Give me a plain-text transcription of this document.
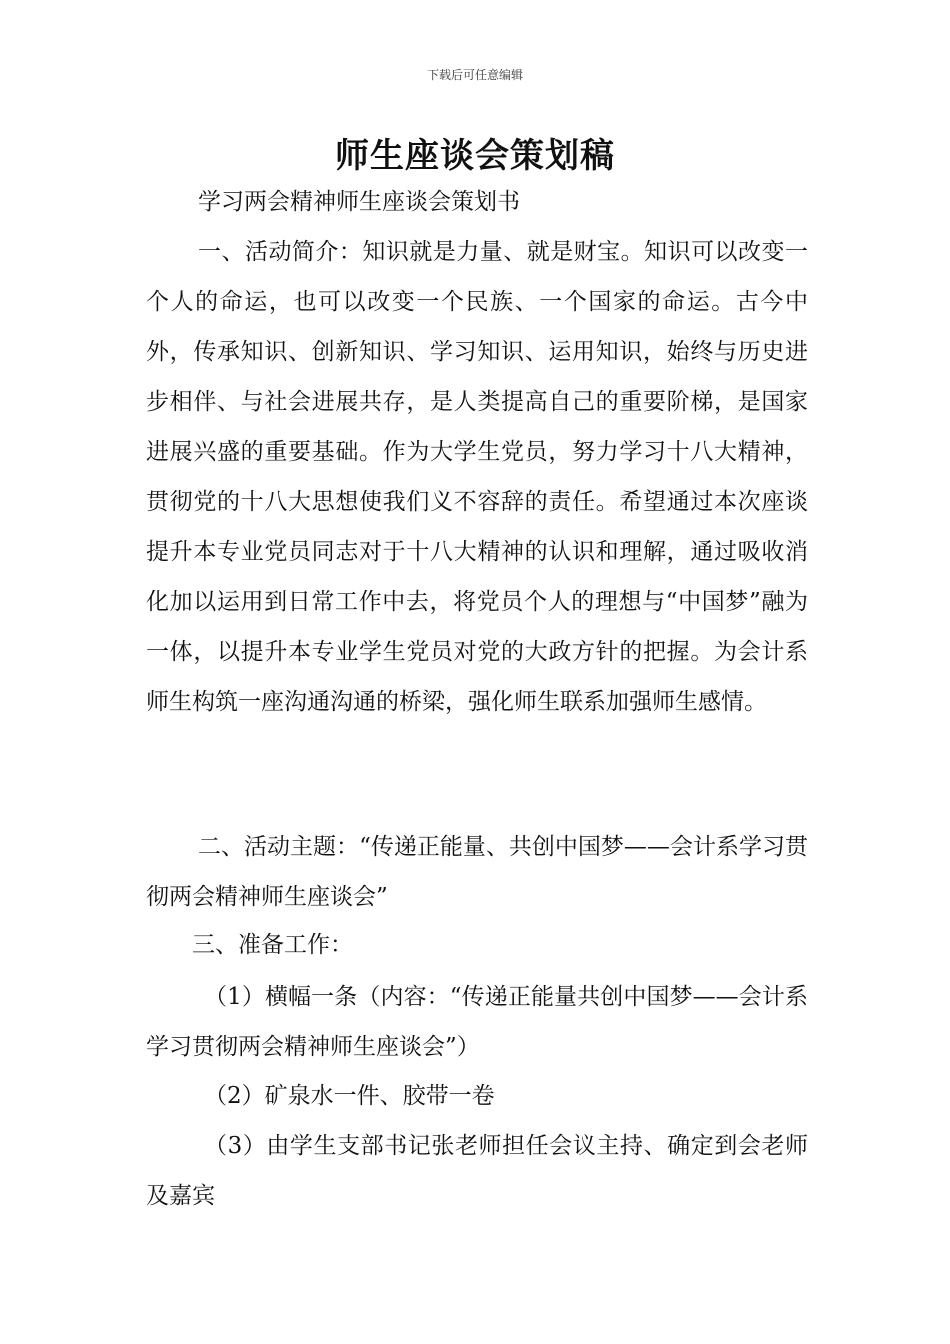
下载后可任意编辑
师生座谈会策划稿

学习两会精神师生座谈会策划书

一、活动简介：知识就是力量、就是财宝。知识可以改变一个人的命运，也可以改变一个民族、一个国家的命运。古今中外，传承知识、创新知识、学习知识、运用知识，始终与历史进步相伴、与社会进展共存，是人类提高自己的重要阶梯，是国家进展兴盛的重要基础。作为大学生党员，努力学习十八大精神，贯彻党的十八大思想使我们义不容辞的责任。希望通过本次座谈提升本专业党员同志对于十八大精神的认识和理解，通过吸收消化加以运用到日常工作中去，将党员个人的理想与“中国梦”融为一体，以提升本专业学生党员对党的大政方针的把握。为会计系师生构筑一座沟通沟通的桥梁，强化师生联系加强师生感情。

二、活动主题：“传递正能量、共创中国梦——会计系学习贯彻两会精神师生座谈会”

三、准备工作：

（1）横幅一条（内容：“传递正能量共创中国梦——会计系学习贯彻两会精神师生座谈会”）

（2）矿泉水一件、胶带一卷

（3）由学生支部书记张老师担任会议主持、确定到会老师及嘉宾
